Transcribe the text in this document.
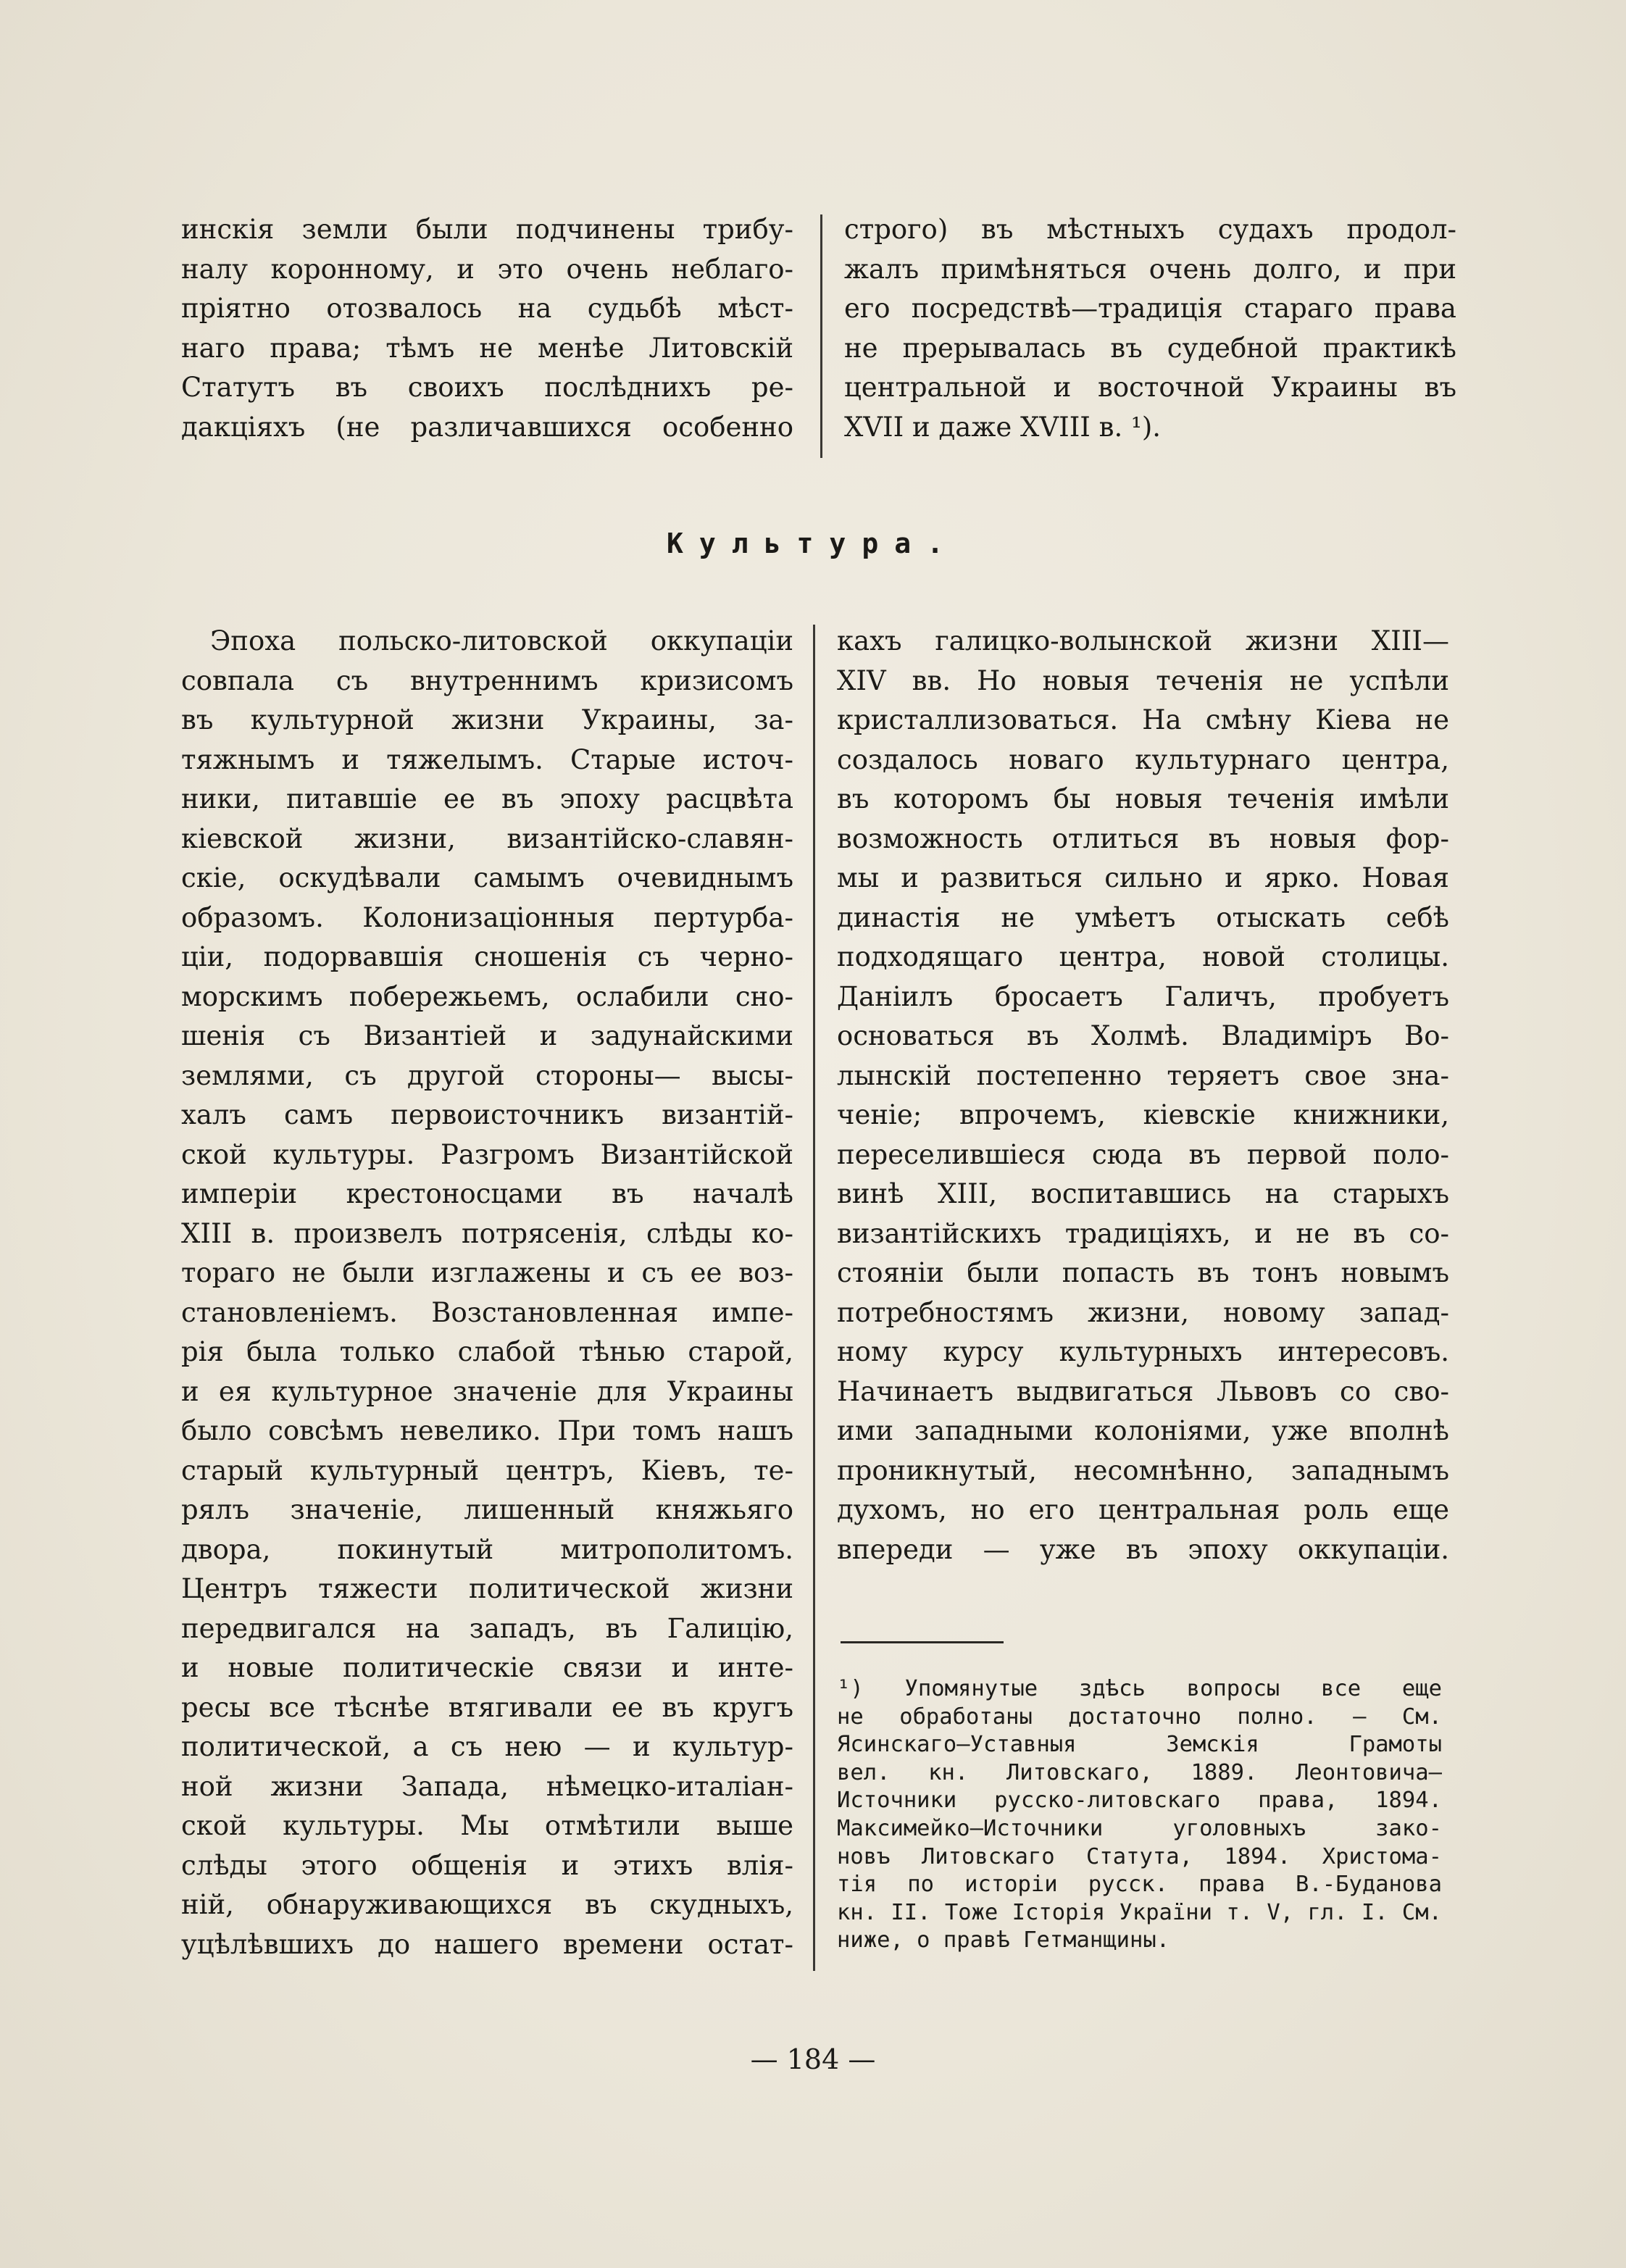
инскія земли были подчинены трибу-
налу коронному, и это очень неблаго-
пріятно отозвалось на судьбѣ мѣст-
наго права; тѣмъ не менѣе Литовскій
Статутъ въ своихъ послѣднихъ ре-
дакціяхъ (не различавшихся особенно
строго) въ мѣстныхъ судахъ продол-
жалъ примѣняться очень долго, и при
его посредствѣ—традиція стараго права
не прерывалась въ судебной практикѣ
центральной и восточной Украины въ
XVII и даже XVIII в. ¹).
Культура.
Эпоха польско-литовской оккупаціи
совпала съ внутреннимъ кризисомъ
въ культурной жизни Украины, за-
тяжнымъ и тяжелымъ. Старые источ-
ники, питавшіе ее въ эпоху расцвѣта
кіевской жизни, византійско-славян-
скіе, оскудѣвали самымъ очевиднымъ
образомъ. Колонизаціонныя пертурба-
ціи, подорвавшія сношенія съ черно-
морскимъ побережьемъ, ослабили сно-
шенія съ Византіей и задунайскими
землями, съ другой стороны— высы-
халъ самъ первоисточникъ византій-
ской культуры. Разгромъ Византійской
имперіи крестоносцами въ началѣ
XIII в. произвелъ потрясенія, слѣды ко-
тораго не были изглажены и съ ее воз-
становленіемъ. Возстановленная импе-
рія была только слабой тѣнью старой,
и ея культурное значеніе для Украины
было совсѣмъ невелико. При томъ нашъ
старый культурный центръ, Кіевъ, те-
рялъ значеніе, лишенный княжьяго
двора, покинутый митрополитомъ.
Центръ тяжести политической жизни
передвигался на западъ, въ Галицію,
и новые политическіе связи и инте-
ресы все тѣснѣе втягивали ее въ кругъ
политической, а съ нею — и культур-
ной жизни Запада, нѣмецко-италіан-
ской культуры. Мы отмѣтили выше
слѣды этого общенія и этихъ влія-
ній, обнаруживающихся въ скудныхъ,
уцѣлѣвшихъ до нашего времени остат-
кахъ галицко-волынской жизни XIII—
XIV вв. Но новыя теченія не успѣли
кристаллизоваться. На смѣну Кіева не
создалось новаго культурнаго центра,
въ которомъ бы новыя теченія имѣли
возможность отлиться въ новыя фор-
мы и развиться сильно и ярко. Новая
династія не умѣетъ отыскать себѣ
подходящаго центра, новой столицы.
Даніилъ бросаетъ Галичъ, пробуетъ
основаться въ Холмѣ. Владиміръ Во-
лынскій постепенно теряетъ свое зна-
ченіе; впрочемъ, кіевскіе книжники,
переселившіеся сюда въ первой поло-
винѣ XIII, воспитавшись на старыхъ
византійскихъ традиціяхъ, и не въ со-
стояніи были попасть въ тонъ новымъ
потребностямъ жизни, новому запад-
ному курсу культурныхъ интересовъ.
Начинаетъ выдвигаться Львовъ со сво-
ими западными колоніями, уже вполнѣ
проникнутый, несомнѣнно, западнымъ
духомъ, но его центральная роль еще
впереди — уже въ эпоху оккупаціи.
¹) Упомянутые здѣсь вопросы все еще
не обработаны достаточно полно. — См.
Ясинскаго—Уставныя Земскія Грамоты
вел. кн. Литовскаго, 1889. Леонтовича—
Источники русско-литовскаго права, 1894.
Максимейко—Источники уголовныхъ зако-
новъ Литовскаго Статута, 1894. Христома-
тія по исторіи русск. права В.-Буданова
кн. II. Тоже Історія України т. V, гл. I. См.
ниже, о правѣ Гетманщины.
— 184 —
